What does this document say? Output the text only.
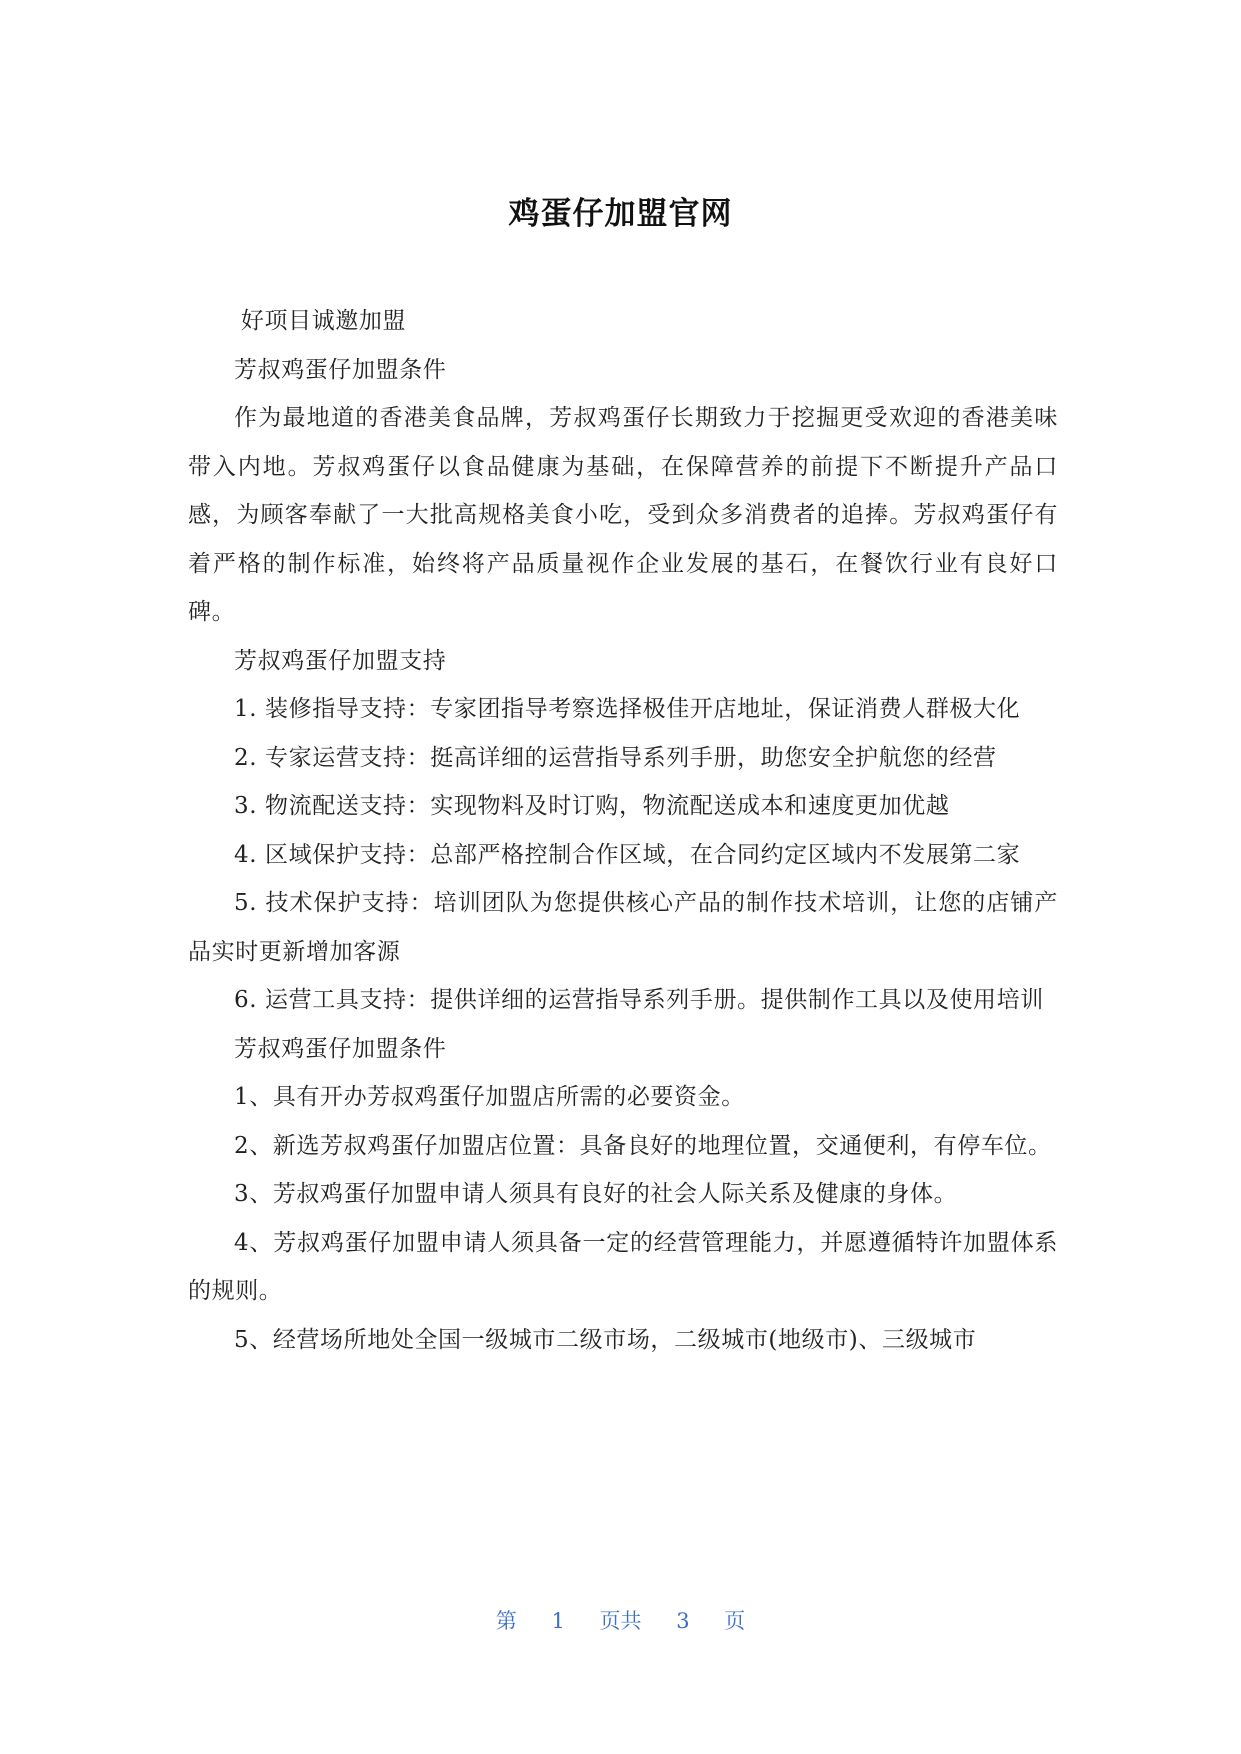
鸡蛋仔加盟官网

好项目诚邀加盟

芳叔鸡蛋仔加盟条件

作为最地道的香港美食品牌，芳叔鸡蛋仔长期致力于挖掘更受欢迎的香港美味带入内地。芳叔鸡蛋仔以食品健康为基础，在保障营养的前提下不断提升产品口感，为顾客奉献了一大批高规格美食小吃，受到众多消费者的追捧。芳叔鸡蛋仔有着严格的制作标准，始终将产品质量视作企业发展的基石，在餐饮行业有良好口碑。

芳叔鸡蛋仔加盟支持

1. 装修指导支持：专家团指导考察选择极佳开店地址，保证消费人群极大化

2. 专家运营支持：挺高详细的运营指导系列手册，助您安全护航您的经营

3. 物流配送支持：实现物料及时订购，物流配送成本和速度更加优越

4. 区域保护支持：总部严格控制合作区域，在合同约定区域内不发展第二家

5. 技术保护支持：培训团队为您提供核心产品的制作技术培训，让您的店铺产品实时更新增加客源

6. 运营工具支持：提供详细的运营指导系列手册。提供制作工具以及使用培训

芳叔鸡蛋仔加盟条件

1、具有开办芳叔鸡蛋仔加盟店所需的必要资金。

2、新选芳叔鸡蛋仔加盟店位置：具备良好的地理位置，交通便利，有停车位。

3、芳叔鸡蛋仔加盟申请人须具有良好的社会人际关系及健康的身体。

4、芳叔鸡蛋仔加盟申请人须具备一定的经营管理能力，并愿遵循特许加盟体系的规则。

5、经营场所地处全国一级城市二级市场，二级城市(地级市)、三级城市

第 1 页共 3 页
